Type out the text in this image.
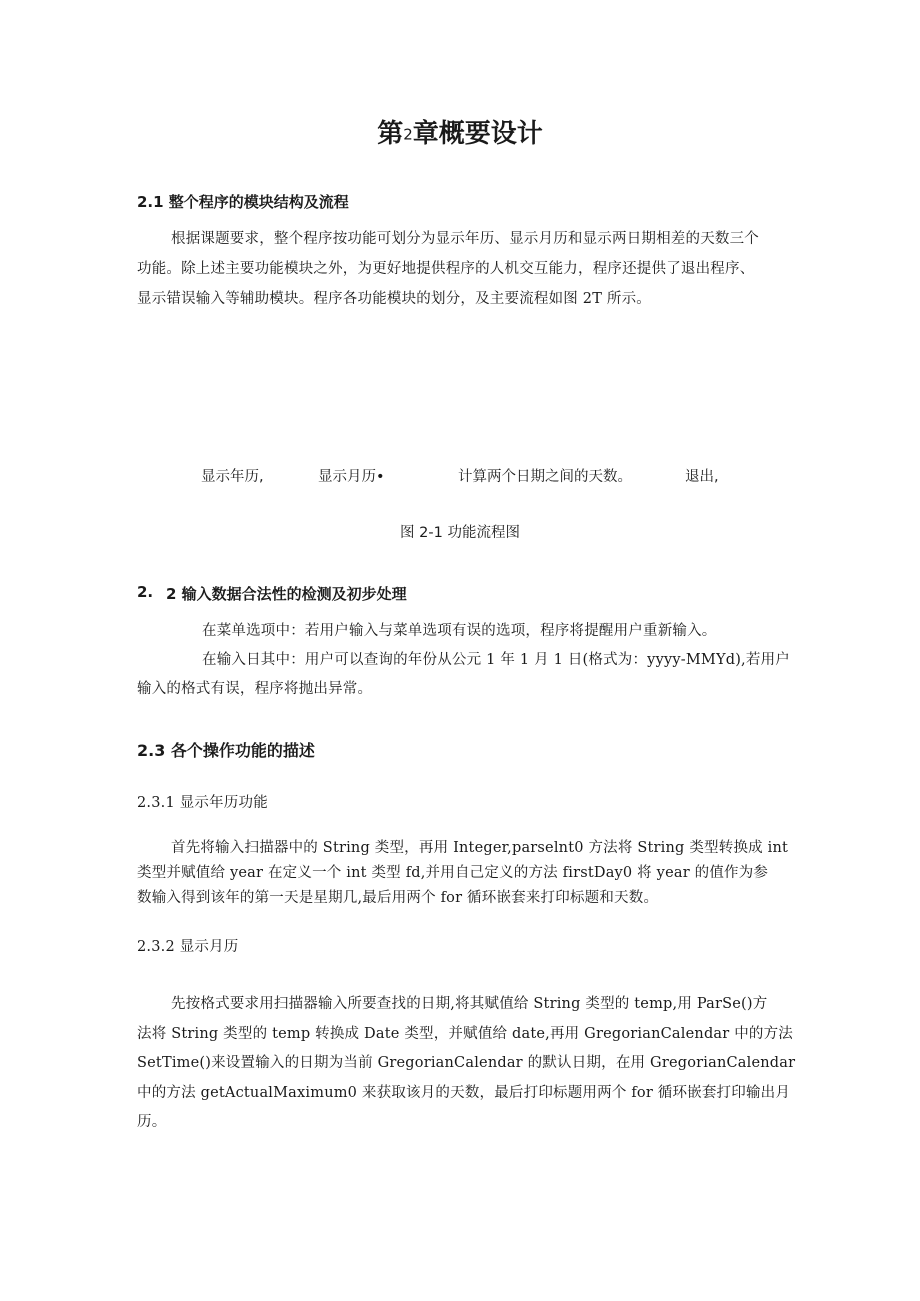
第2章概要设计
2.1 整个程序的模块结构及流程
根据课题要求，整个程序按功能可划分为显示年历、显示月历和显示两日期相差的天数三个
功能。除上述主要功能模块之外，为更好地提供程序的人机交互能力，程序还提供了退出程序、
显示错误输入等辅助模块。程序各功能模块的划分，及主要流程如图 2T 所示。
显示年历,	显示月历•	计算两个日期之间的天数。	退出,
图 2-1 功能流程图
2. 2 输入数据合法性的检测及初步处理
在菜单选项中：若用户输入与菜单选项有误的选项，程序将提醒用户重新输入。
在输入日其中：用户可以查询的年份从公元 1 年 1 月 1 日(格式为：yyyy-MMYd),若用户
输入的格式有误，程序将抛出异常。
2.3 各个操作功能的描述
2.3.1 显示年历功能
首先将输入扫描器中的 String 类型，再用 Integer,parselnt0 方法将 String 类型转换成 int
类型并赋值给 year 在定义一个 int 类型 fd,并用自己定义的方法 firstDay0 将 year 的值作为参
数输入得到该年的第一天是星期几,最后用两个 for 循环嵌套来打印标题和天数。
2.3.2 显示月历
先按格式要求用扫描器输入所要查找的日期,将其赋值给 String 类型的 temp,用 ParSe()方
法将 String 类型的 temp 转换成 Date 类型，并赋值给 date,再用 GregorianCalendar 中的方法
SetTime()来设置输入的日期为当前 GregorianCalendar 的默认日期，在用 GregorianCalendar
中的方法 getActualMaximum0 来获取该月的天数，最后打印标题用两个 for 循环嵌套打印输出月
历。
